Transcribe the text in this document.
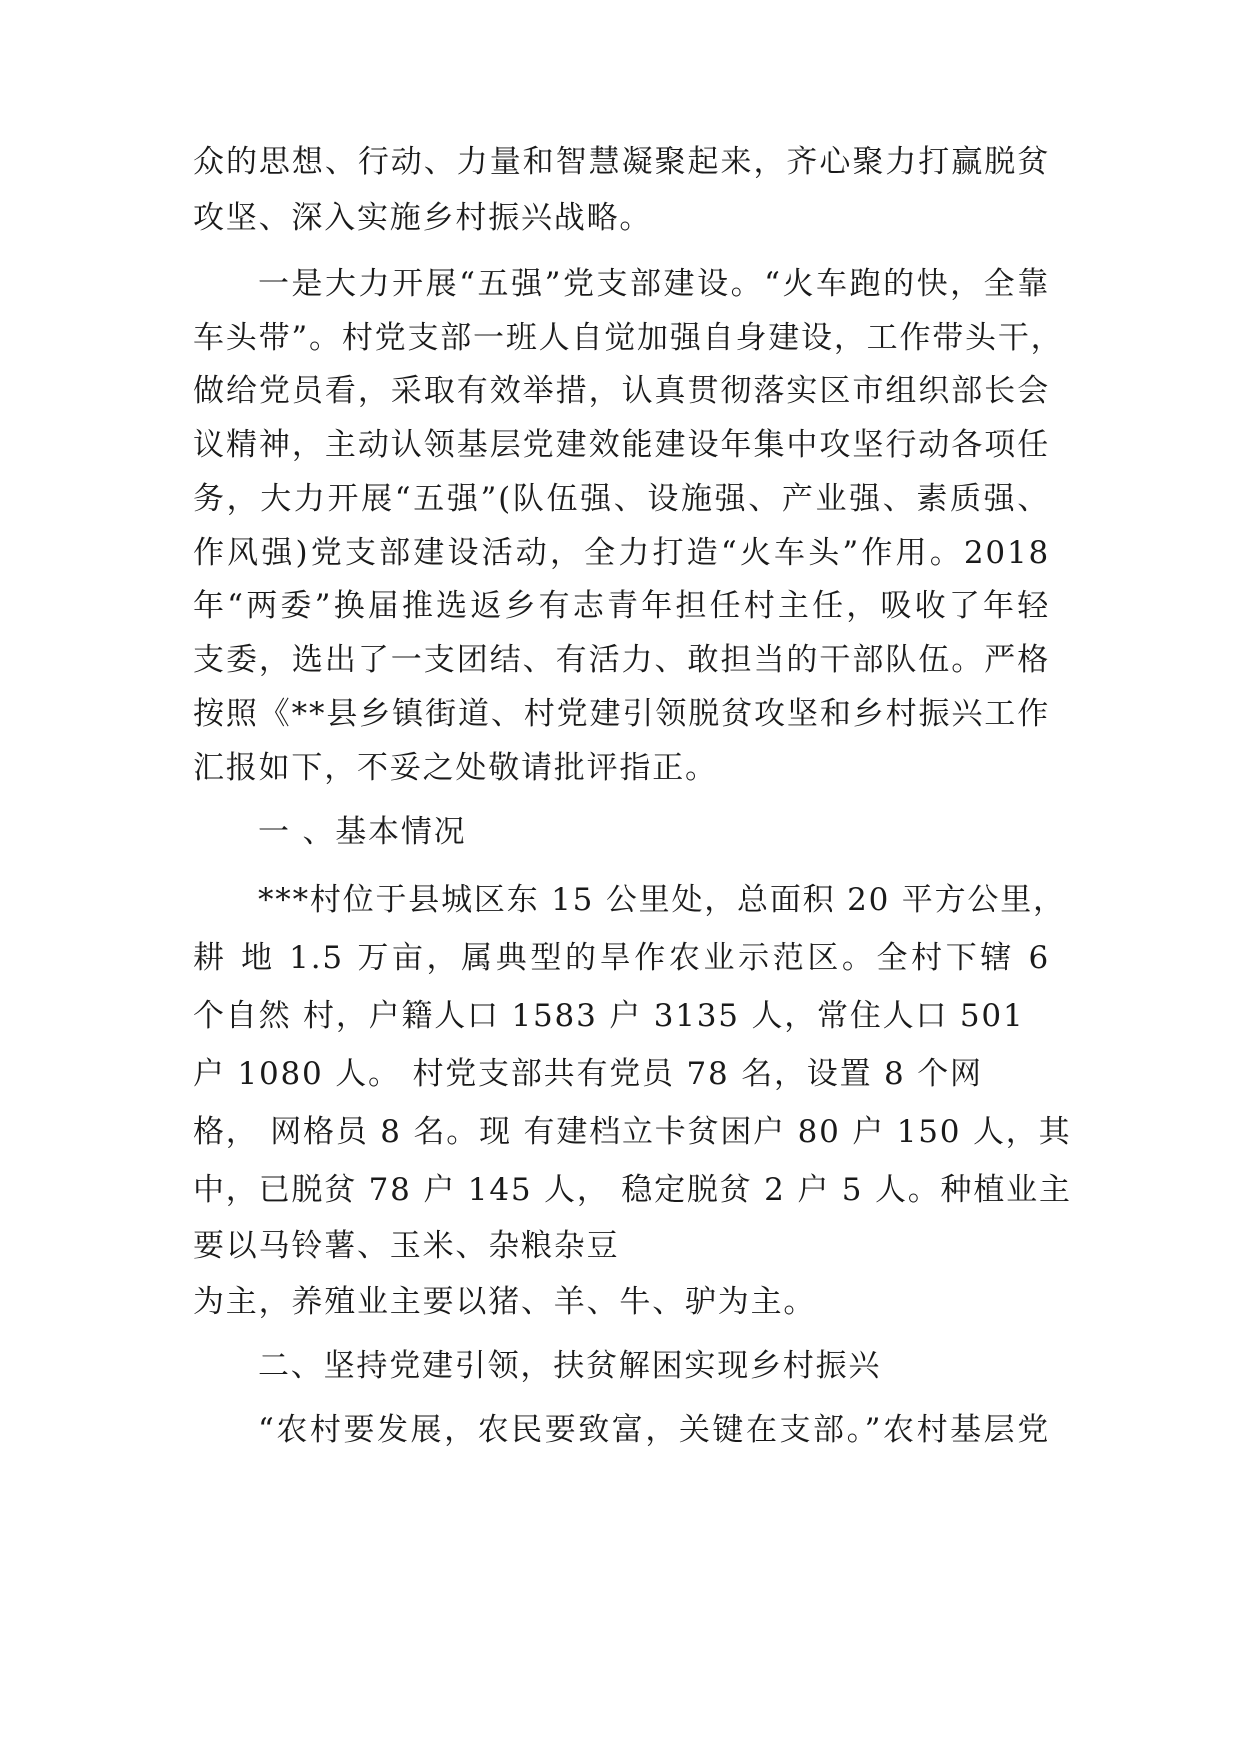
众的思想、行动、力量和智慧凝聚起来，齐心聚力打赢脱贫
攻坚、深入实施乡村振兴战略。
一是大力开展“五强”党支部建设。“火车跑的快，全靠
车头带”。村党支部一班人自觉加强自身建设，工作带头干，
做给党员看，采取有效举措，认真贯彻落实区市组织部长会
议精神，主动认领基层党建效能建设年集中攻坚行动各项任
务，大力开展“五强”(队伍强、设施强、产业强、素质强、
作风强)党支部建设活动，全力打造“火车头”作用。2018
年“两委”换届推选返乡有志青年担任村主任，吸收了年轻
支委，选出了一支团结、有活力、敢担当的干部队伍。严格
按照《**县乡镇街道、村党建引领脱贫攻坚和乡村振兴工作
汇报如下，不妥之处敬请批评指正。
一 、基本情况
***村位于县城区东 15 公里处，总面积 20 平方公里，
耕 地 1.5 万亩，属典型的旱作农业示范区。全村下辖 6
个自然 村，户籍人口 1583 户 3135 人，常住人口 501
户 1080 人。 村党支部共有党员 78 名，设置 8 个网
格， 网格员 8 名。现 有建档立卡贫困户 80 户 150 人，其
中，已脱贫 78 户 145 人， 稳定脱贫 2 户 5 人。种植业主
要以马铃薯、玉米、杂粮杂豆
为主，养殖业主要以猪、羊、牛、驴为主。
二、坚持党建引领，扶贫解困实现乡村振兴
“农村要发展，农民要致富，关键在支部。”农村基层党
